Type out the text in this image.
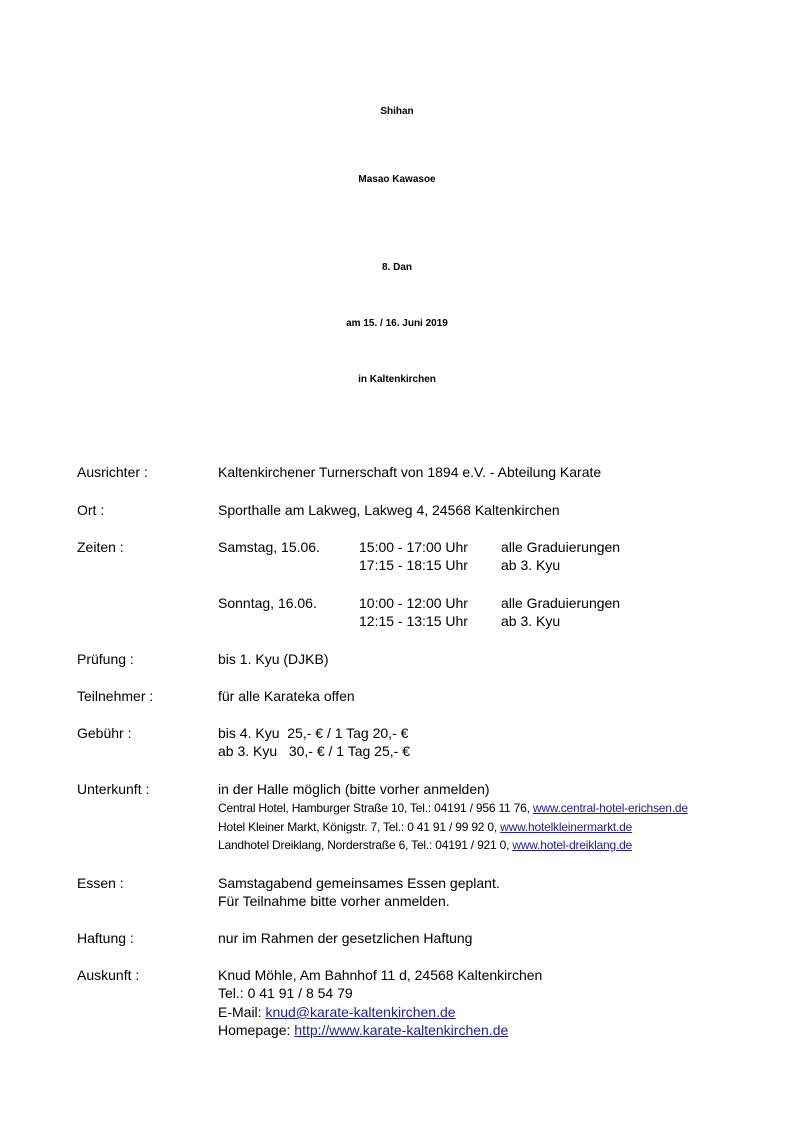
Shihan
Masao Kawasoe
8. Dan
am 15. / 16. Juni 2019
in Kaltenkirchen
Ausrichter :	Kaltenkirchener Turnerschaft von 1894 e.V. - Abteilung Karate
Ort :	Sporthalle am Lakweg, Lakweg 4, 24568 Kaltenkirchen
Zeiten :	Samstag, 15.06.	15:00 - 17:00 Uhr alle Graduierungen
17:15 - 18:15 Uhr ab 3. Kyu
Sonntag, 16.06.	10:00 - 12:00 Uhr alle Graduierungen
12:15 - 13:15 Uhr ab 3. Kyu
Prüfung :	bis 1. Kyu (DJKB)
Teilnehmer :	für alle Karateka offen
Gebühr :	bis 4. Kyu  25,- € / 1 Tag 20,- €
ab 3. Kyu   30,- € / 1 Tag 25,- €
Unterkunft :	in der Halle möglich (bitte vorher anmelden)
Central Hotel, Hamburger Straße 10, Tel.: 04191 / 956 11 76, www.central-hotel-erichsen.de
Hotel Kleiner Markt, Königstr. 7, Tel.: 0 41 91 / 99 92 0, www.hotelkleinermarkt.de
Landhotel Dreiklang, Norderstraße 6, Tel.: 04191 / 921 0, www.hotel-dreiklang.de
Essen :	Samstagabend gemeinsames Essen geplant.
Für Teilnahme bitte vorher anmelden.
Haftung :	nur im Rahmen der gesetzlichen Haftung
Auskunft :	Knud Möhle, Am Bahnhof 11 d, 24568 Kaltenkirchen
Tel.: 0 41 91 / 8 54 79
E-Mail: knud@karate-kaltenkirchen.de
Homepage: http://www.karate-kaltenkirchen.de
